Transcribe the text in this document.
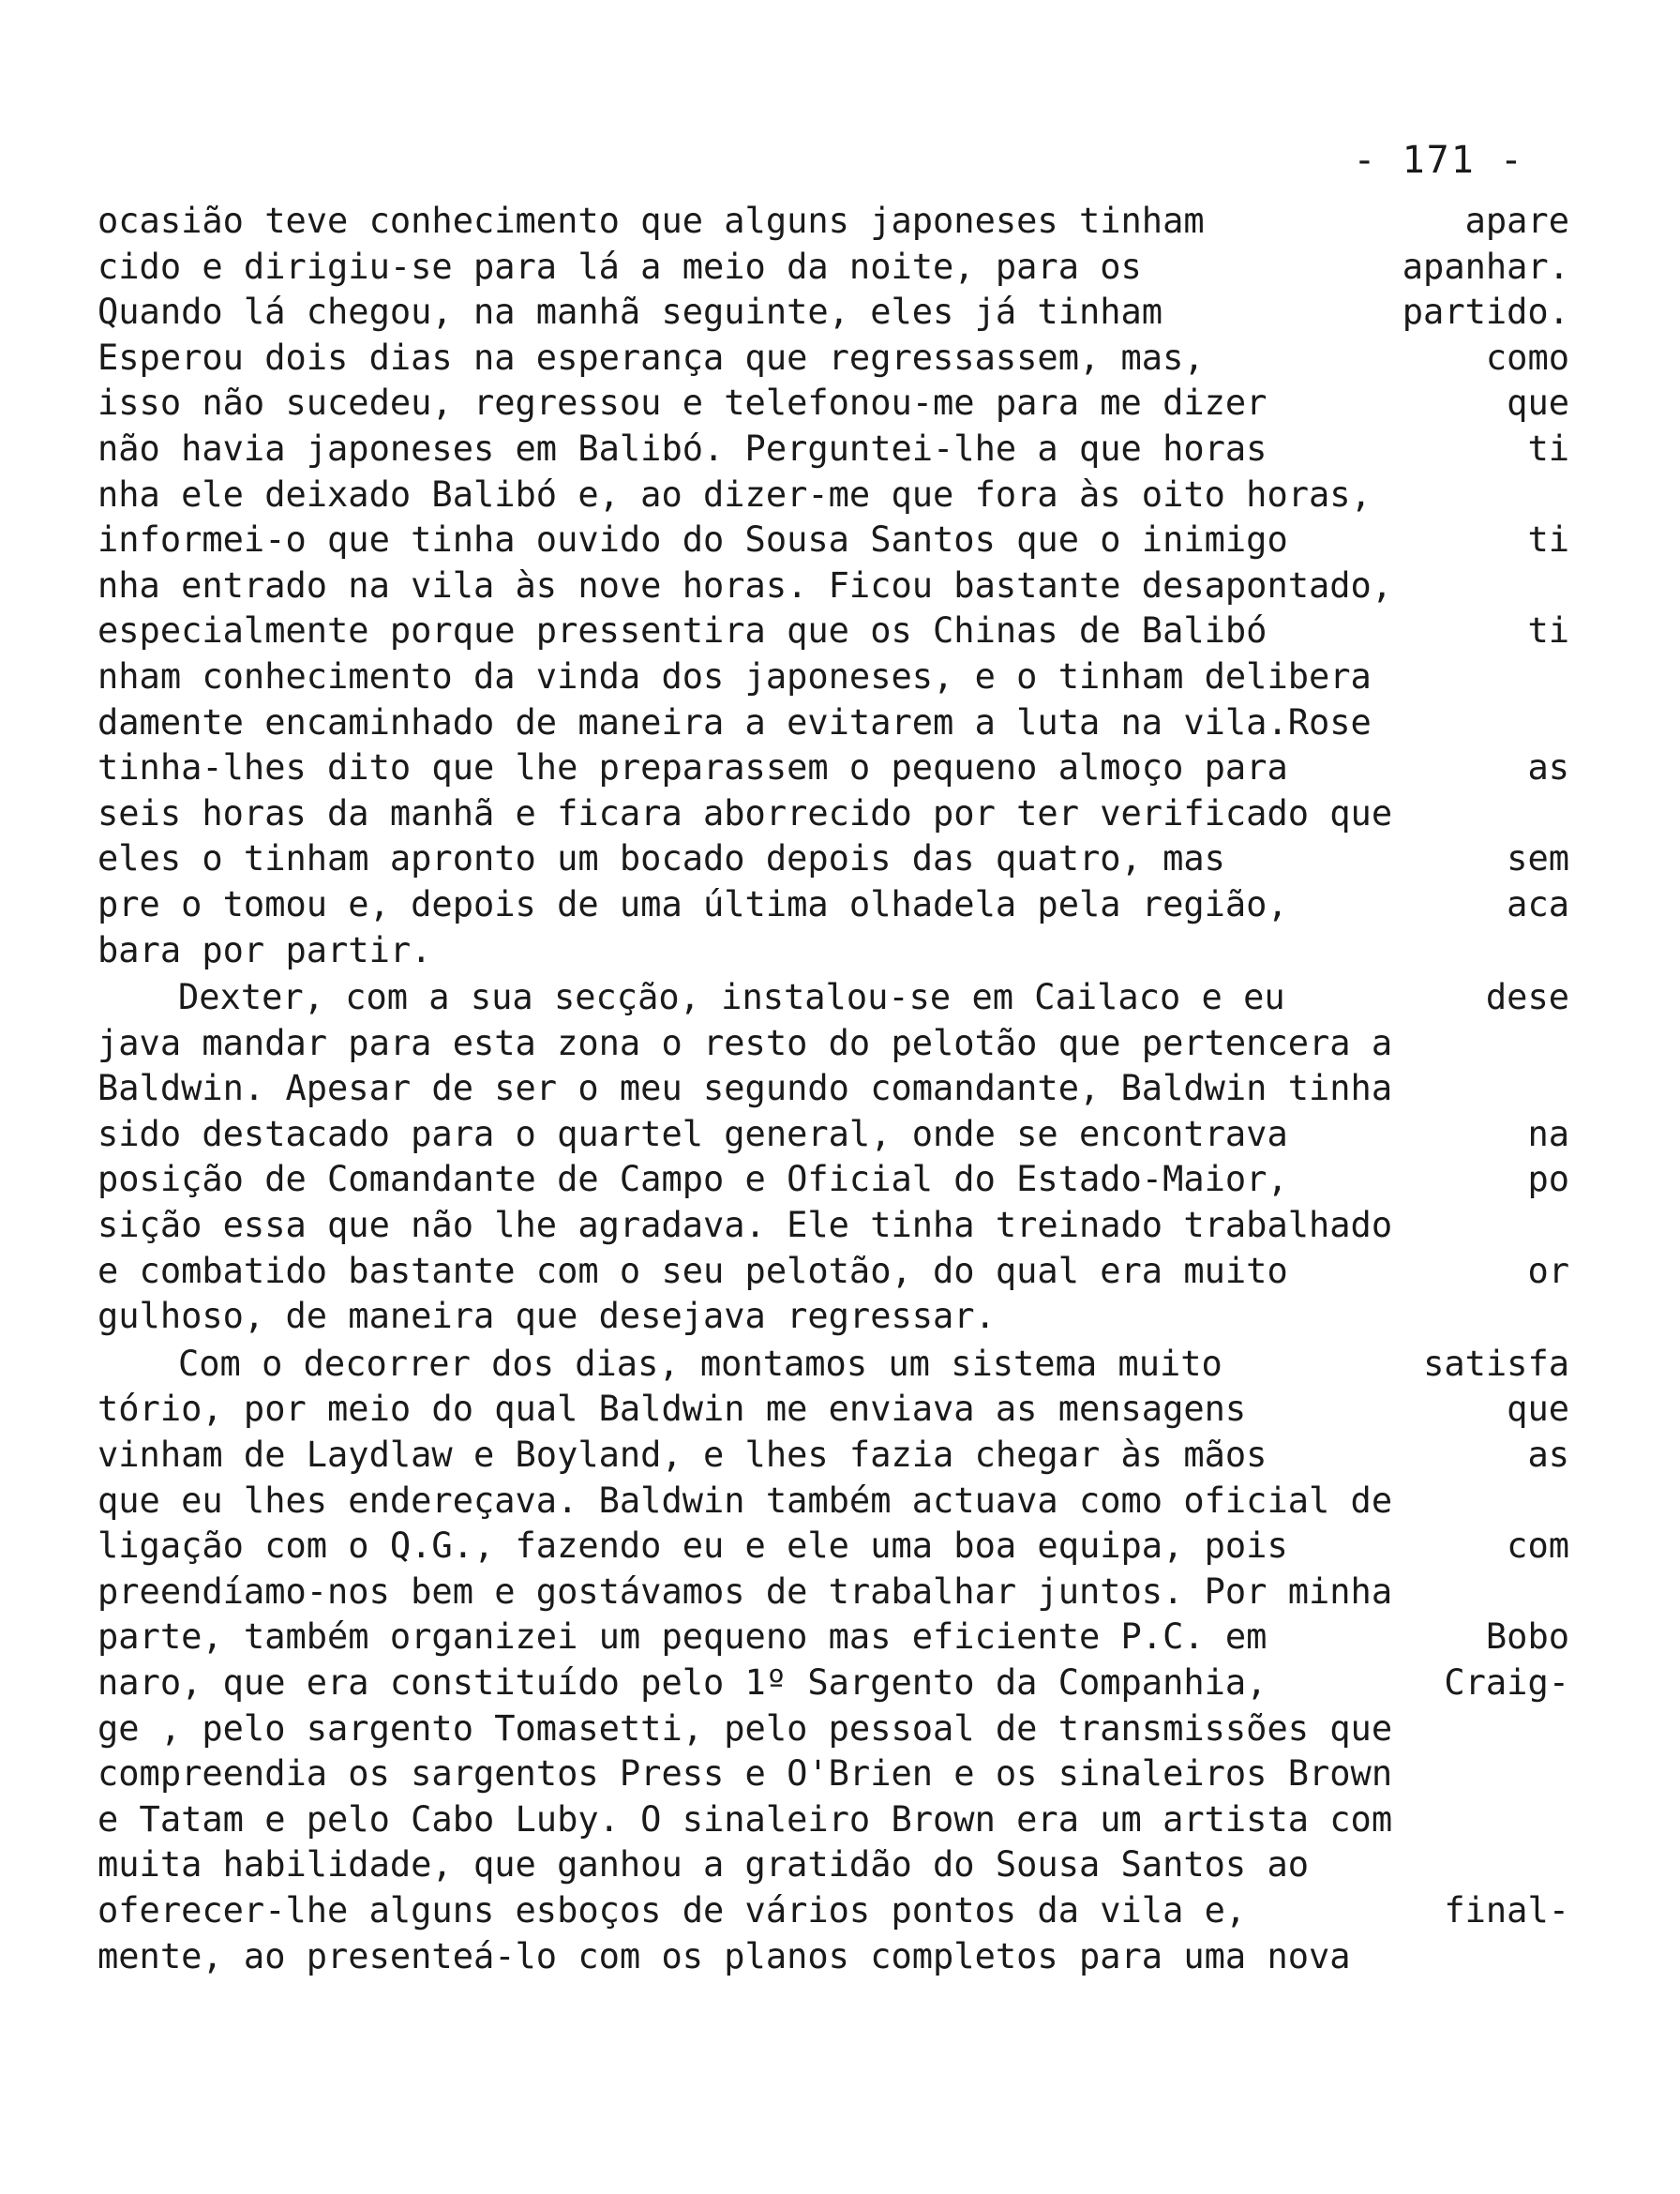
- 171 -
ocasião teve conhecimento que alguns japoneses tinham	apare
cido e dirigiu-se para lá a meio da noite, para os	apanhar.
Quando lá chegou, na manhã seguinte, eles já tinham	partido.
Esperou dois dias na esperança que regressassem, mas,	como
isso não sucedeu, regressou e telefonou-me para me dizer	que
não havia japoneses em Balibó. Perguntei-lhe a que horas	ti
nha ele deixado Balibó e, ao dizer-me que fora às oito horas,
informei-o que tinha ouvido do Sousa Santos que o inimigo	ti
nha entrado na vila às nove horas. Ficou bastante desapontado,
especialmente porque pressentira que os Chinas de Balibó	ti
nham conhecimento da vinda dos japoneses, e o tinham delibera
damente encaminhado de maneira a evitarem a luta na vila.Rose
tinha-lhes dito que lhe preparassem o pequeno almoço para	as
seis horas da manhã e ficara aborrecido por ter verificado que
eles o tinham apronto um bocado depois das quatro, mas	sem
pre o tomou e, depois de uma última olhadela pela região,	aca
bara por partir.
Dexter, com a sua secção, instalou-se em Cailaco e eu	dese
java mandar para esta zona o resto do pelotão que pertencera a
Baldwin. Apesar de ser o meu segundo comandante, Baldwin tinha
sido destacado para o quartel general, onde se encontrava	na
posição de Comandante de Campo e Oficial do Estado-Maior,	po
sição essa que não lhe agradava. Ele tinha treinado trabalhado
e combatido bastante com o seu pelotão, do qual era muito	or
gulhoso, de maneira que desejava regressar.
Com o decorrer dos dias, montamos um sistema muito	satisfa
tório, por meio do qual Baldwin me enviava as mensagens	que
vinham de Laydlaw e Boyland, e lhes fazia chegar às mãos	as
que eu lhes endereçava. Baldwin também actuava como oficial de
ligação com o Q.G., fazendo eu e ele uma boa equipa, pois	com
preendíamo-nos bem e gostávamos de trabalhar juntos. Por minha
parte, também organizei um pequeno mas eficiente P.C. em	Bobo
naro, que era constituído pelo 1º Sargento da Companhia,	Craig-
ge , pelo sargento Tomasetti, pelo pessoal de transmissões que
compreendia os sargentos Press e O'Brien e os sinaleiros Brown
e Tatam e pelo Cabo Luby. O sinaleiro Brown era um artista com
muita habilidade, que ganhou a gratidão do Sousa Santos ao
oferecer-lhe alguns esboços de vários pontos da vila e,	final-
mente, ao presenteá-lo com os planos completos para uma nova
